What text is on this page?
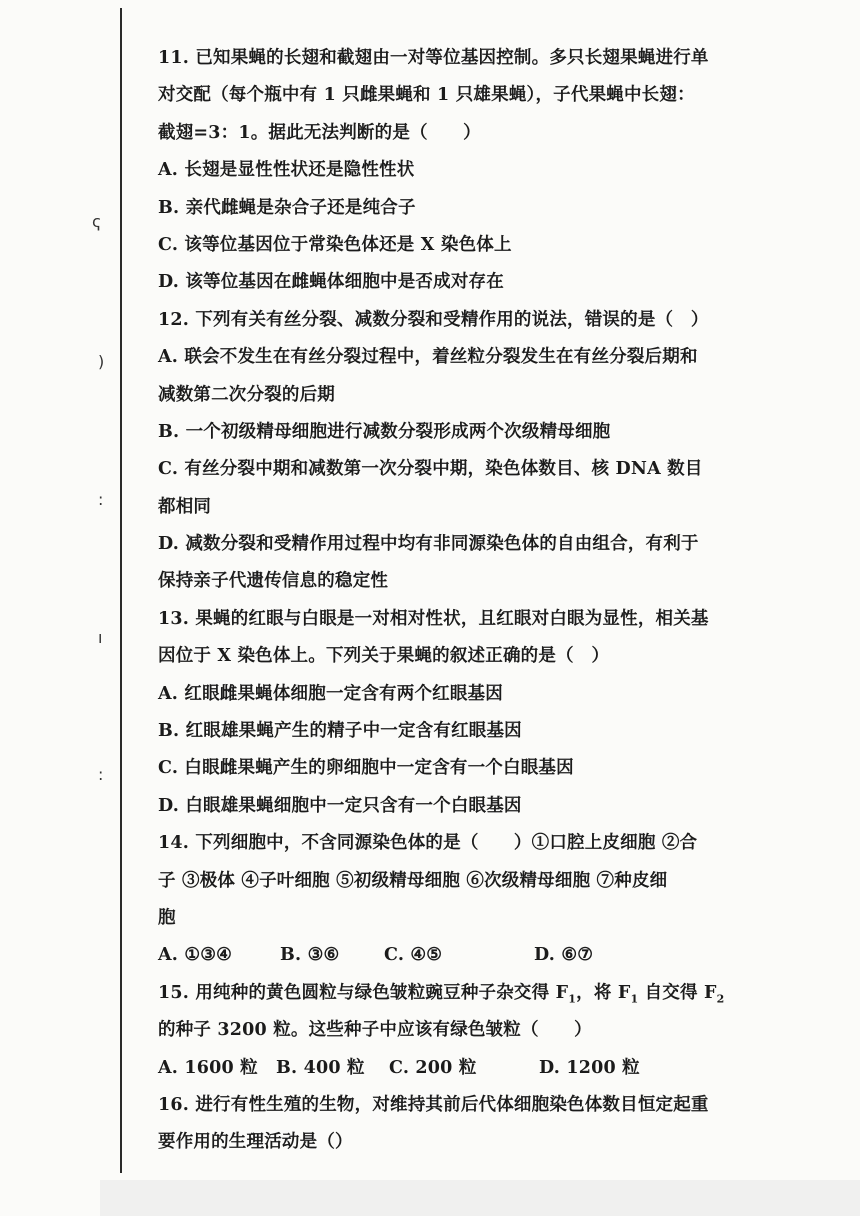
ҁ
)
:
ı
:
11. 已知果蝇的长翅和截翅由一对等位基因控制。多只长翅果蝇进行单
对交配（每个瓶中有 1 只雌果蝇和 1 只雄果蝇），子代果蝇中长翅：
截翅=3：1。据此无法判断的是（　　）
A. 长翅是显性性状还是隐性性状
B. 亲代雌蝇是杂合子还是纯合子
C. 该等位基因位于常染色体还是 X 染色体上
D. 该等位基因在雌蝇体细胞中是否成对存在
12. 下列有关有丝分裂、减数分裂和受精作用的说法，错误的是（　）
A. 联会不发生在有丝分裂过程中，着丝粒分裂发生在有丝分裂后期和
减数第二次分裂的后期
B. 一个初级精母细胞进行减数分裂形成两个次级精母细胞
C. 有丝分裂中期和减数第一次分裂中期，染色体数目、核 DNA 数目
都相同
D. 减数分裂和受精作用过程中均有非同源染色体的自由组合，有利于
保持亲子代遗传信息的稳定性
13. 果蝇的红眼与白眼是一对相对性状，且红眼对白眼为显性，相关基
因位于 X 染色体上。下列关于果蝇的叙述正确的是（　）
A. 红眼雌果蝇体细胞一定含有两个红眼基因
B. 红眼雄果蝇产生的精子中一定含有红眼基因
C. 白眼雌果蝇产生的卵细胞中一定含有一个白眼基因
D. 白眼雄果蝇细胞中一定只含有一个白眼基因
14. 下列细胞中，不含同源染色体的是（　　）①口腔上皮细胞 ②合
子 ③极体 ④子叶细胞 ⑤初级精母细胞 ⑥次级精母细胞 ⑦种皮细
胞
A. ①③④	B. ③⑥	C. ④⑤	D. ⑥⑦
15. 用纯种的黄色圆粒与绿色皱粒豌豆种子杂交得 $F_1$，将 $F_1$ 自交得 $F_2$
的种子 3200 粒。这些种子中应该有绿色皱粒（　　）
A. 1600 粒	B. 400 粒	C. 200 粒	D. 1200 粒
16. 进行有性生殖的生物，对维持其前后代体细胞染色体数目恒定起重
要作用的生理活动是（）
